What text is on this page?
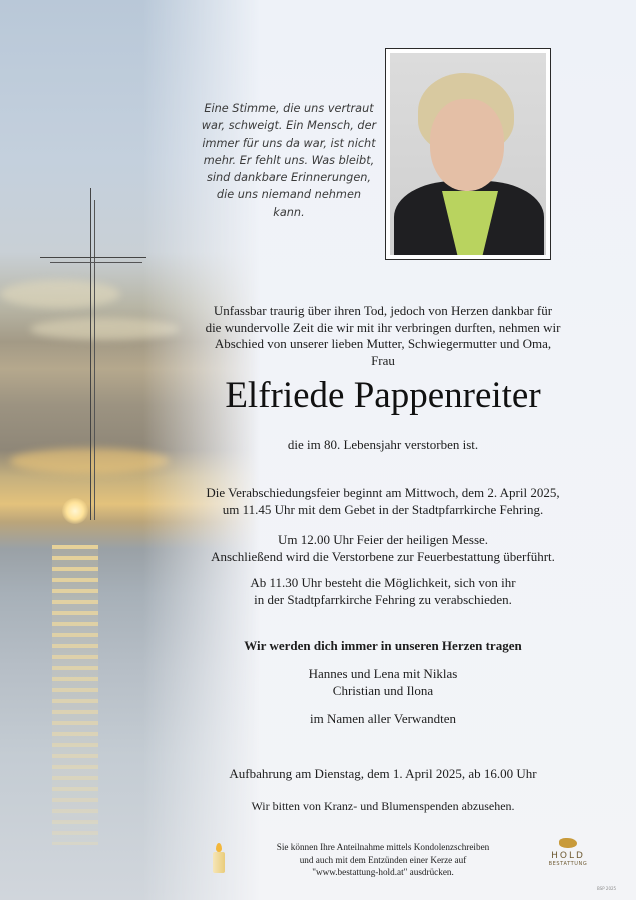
Eine Stimme, die uns vertraut war, schweigt. Ein Mensch, der immer für uns da war, ist nicht mehr. Er fehlt uns. Was bleibt, sind dankbare Erinnerungen, die uns niemand nehmen kann.
Unfassbar traurig über ihren Tod, jedoch von Herzen dankbar für
die wundervolle Zeit die wir mit ihr verbringen durften, nehmen wir
Abschied von unserer lieben Mutter, Schwiegermutter und Oma,
Frau
Elfriede Pappenreiter
die im 80. Lebensjahr verstorben ist.
Die Verabschiedungsfeier beginnt am Mittwoch, dem 2. April 2025,
um 11.45 Uhr mit dem Gebet in der Stadtpfarrkirche Fehring.
Um 12.00 Uhr Feier der heiligen Messe.
Anschließend wird die Verstorbene zur Feuerbestattung überführt.
Ab 11.30 Uhr besteht die Möglichkeit, sich von ihr
in der Stadtpfarrkirche Fehring zu verabschieden.
Wir werden dich immer in unseren Herzen tragen
Hannes und Lena mit Niklas
Christian und Ilona
im Namen aller Verwandten
Aufbahrung am Dienstag, dem 1. April 2025, ab 16.00 Uhr
Wir bitten von Kranz- und Blumenspenden abzusehen.
Sie können Ihre Anteilnahme mittels Kondolenzschreiben
und auch mit dem Entzünden einer Kerze auf
"www.bestattung-hold.at" ausdrücken.
HOLD
BESTATTUNG
BSP 2025
